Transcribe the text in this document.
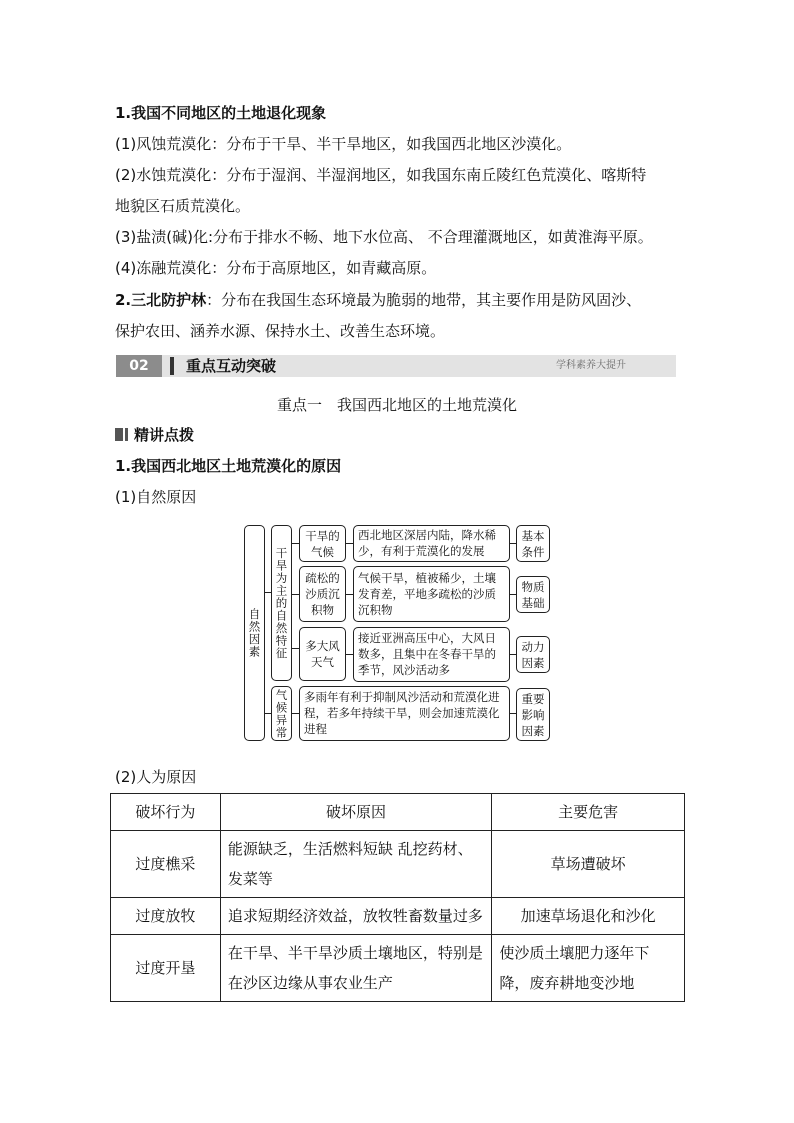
1.我国不同地区的土地退化现象
(1)风蚀荒漠化：分布于干旱、半干旱地区，如我国西北地区沙漠化。
(2)水蚀荒漠化：分布于湿润、半湿润地区，如我国东南丘陵红色荒漠化、喀斯特
地貌区石质荒漠化。
(3)盐渍(碱)化:分布于排水不畅、地下水位高、 不合理灌溉地区，如黄淮海平原。
(4)冻融荒漠化：分布于高原地区，如青藏高原。
2.三北防护林：分布在我国生态环境最为脆弱的地带，其主要作用是防风固沙、
保护农田、涵养水源、保持水土、改善生态环境。
02	重点互动突破	学科素养大提升
重点一　我国西北地区的土地荒漠化
精讲点拨
1.我国西北地区土地荒漠化的原因
(1)自然原因
自然因素 干旱为主的自然特征
气候异常
干旱的气候
疏松的沙质沉积物
多大风天气
西北地区深居内陆，降水稀少，有利于荒漠化的发展
气候干旱，植被稀少，土壤发育差，平地多疏松的沙质沉积物
接近亚洲高压中心，大风日数多，且集中在冬春干旱的季节，风沙活动多
多雨年有利于抑制风沙活动和荒漠化进程，若多年持续干旱，则会加速荒漠化进程
基本条件
物质基础
动力因素
重要影响因素
(2)人为原因
破坏行为	破坏原因	主要危害
过度樵采	能源缺乏，生活燃料短缺 乱挖药材、发菜等	草场遭破坏
过度放牧	追求短期经济效益，放牧牲畜数量过多	加速草场退化和沙化
过度开垦	在干旱、半干旱沙质土壤地区，特别是在沙区边缘从事农业生产	使沙质土壤肥力逐年下降，废弃耕地变沙地
